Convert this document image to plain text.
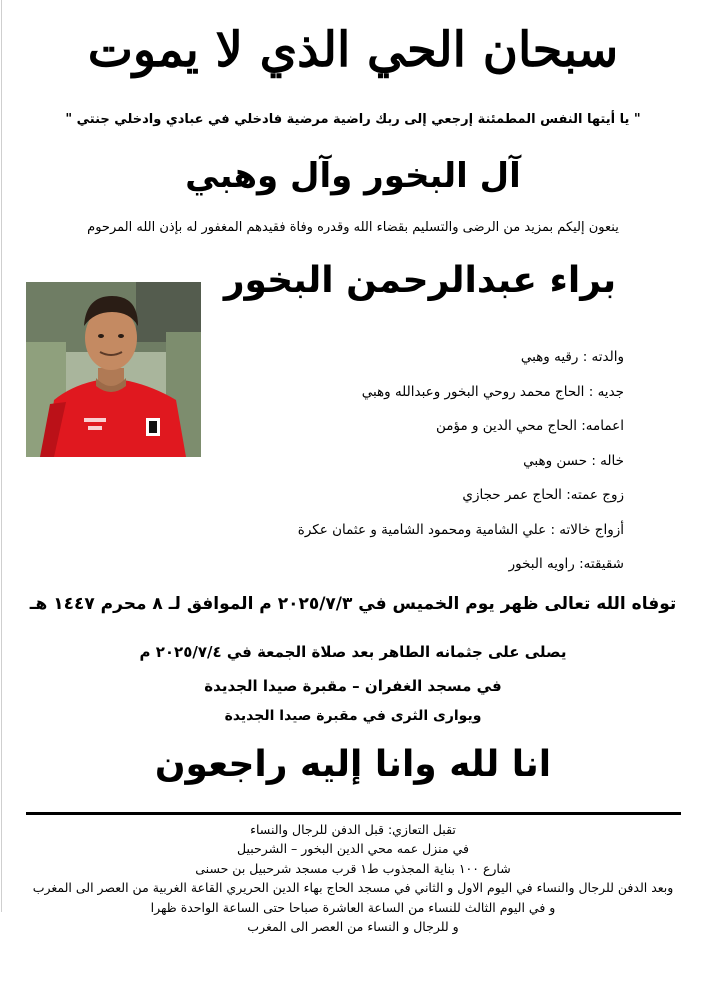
سبحان الحي الذي لا يموت
" يا أيتها النفس المطمئنة إرجعي إلى ربك راضية مرضية فادخلي في عبادي وادخلي جنتي "
آل البخور وآل وهبي
ينعون إليكم بمزيد من الرضى والتسليم بقضاء الله وقدره وفاة فقيدهم المغفور له بإذن الله المرحوم
براء عبدالرحمن البخور
والدته : رقيه وهبي
جديه : الحاج محمد روحي البخور وعبدالله وهبي
اعمامه: الحاج محي الدين و مؤمن
خاله : حسن وهبي
زوج عمته: الحاج عمر حجازي
أزواج خالاته : علي الشامية ومحمود الشامية و عثمان عكرة
شقيقته: راويه البخور
توفاه الله تعالى ظهر يوم الخميس في ٢٠٢٥/٧/٣ م الموافق لـ ٨ محرم ١٤٤٧ هـ
يصلى على جثمانه الطاهر بعد صلاة الجمعة في ٢٠٢٥/٧/٤ م
في مسجد الغفران – مقبرة صيدا الجديدة
ويوارى الثرى في مقبرة صيدا الجديدة
انا لله وانا إليه راجعون
تقبل التعازي: قبل الدفن للرجال والنساء
في منزل عمه محي الدين البخور – الشرحبيل
شارع ١٠٠ بناية المجذوب ط١ قرب مسجد شرحبيل بن حسنى
وبعد الدفن للرجال والنساء في اليوم الاول و الثاني في مسجد الحاج بهاء الدين الحريري القاعة الغربية من العصر الى المغرب
و في اليوم الثالث للنساء من الساعة العاشرة صباحا حتى الساعة الواحدة ظهرا
و للرجال و النساء من العصر الى المغرب
